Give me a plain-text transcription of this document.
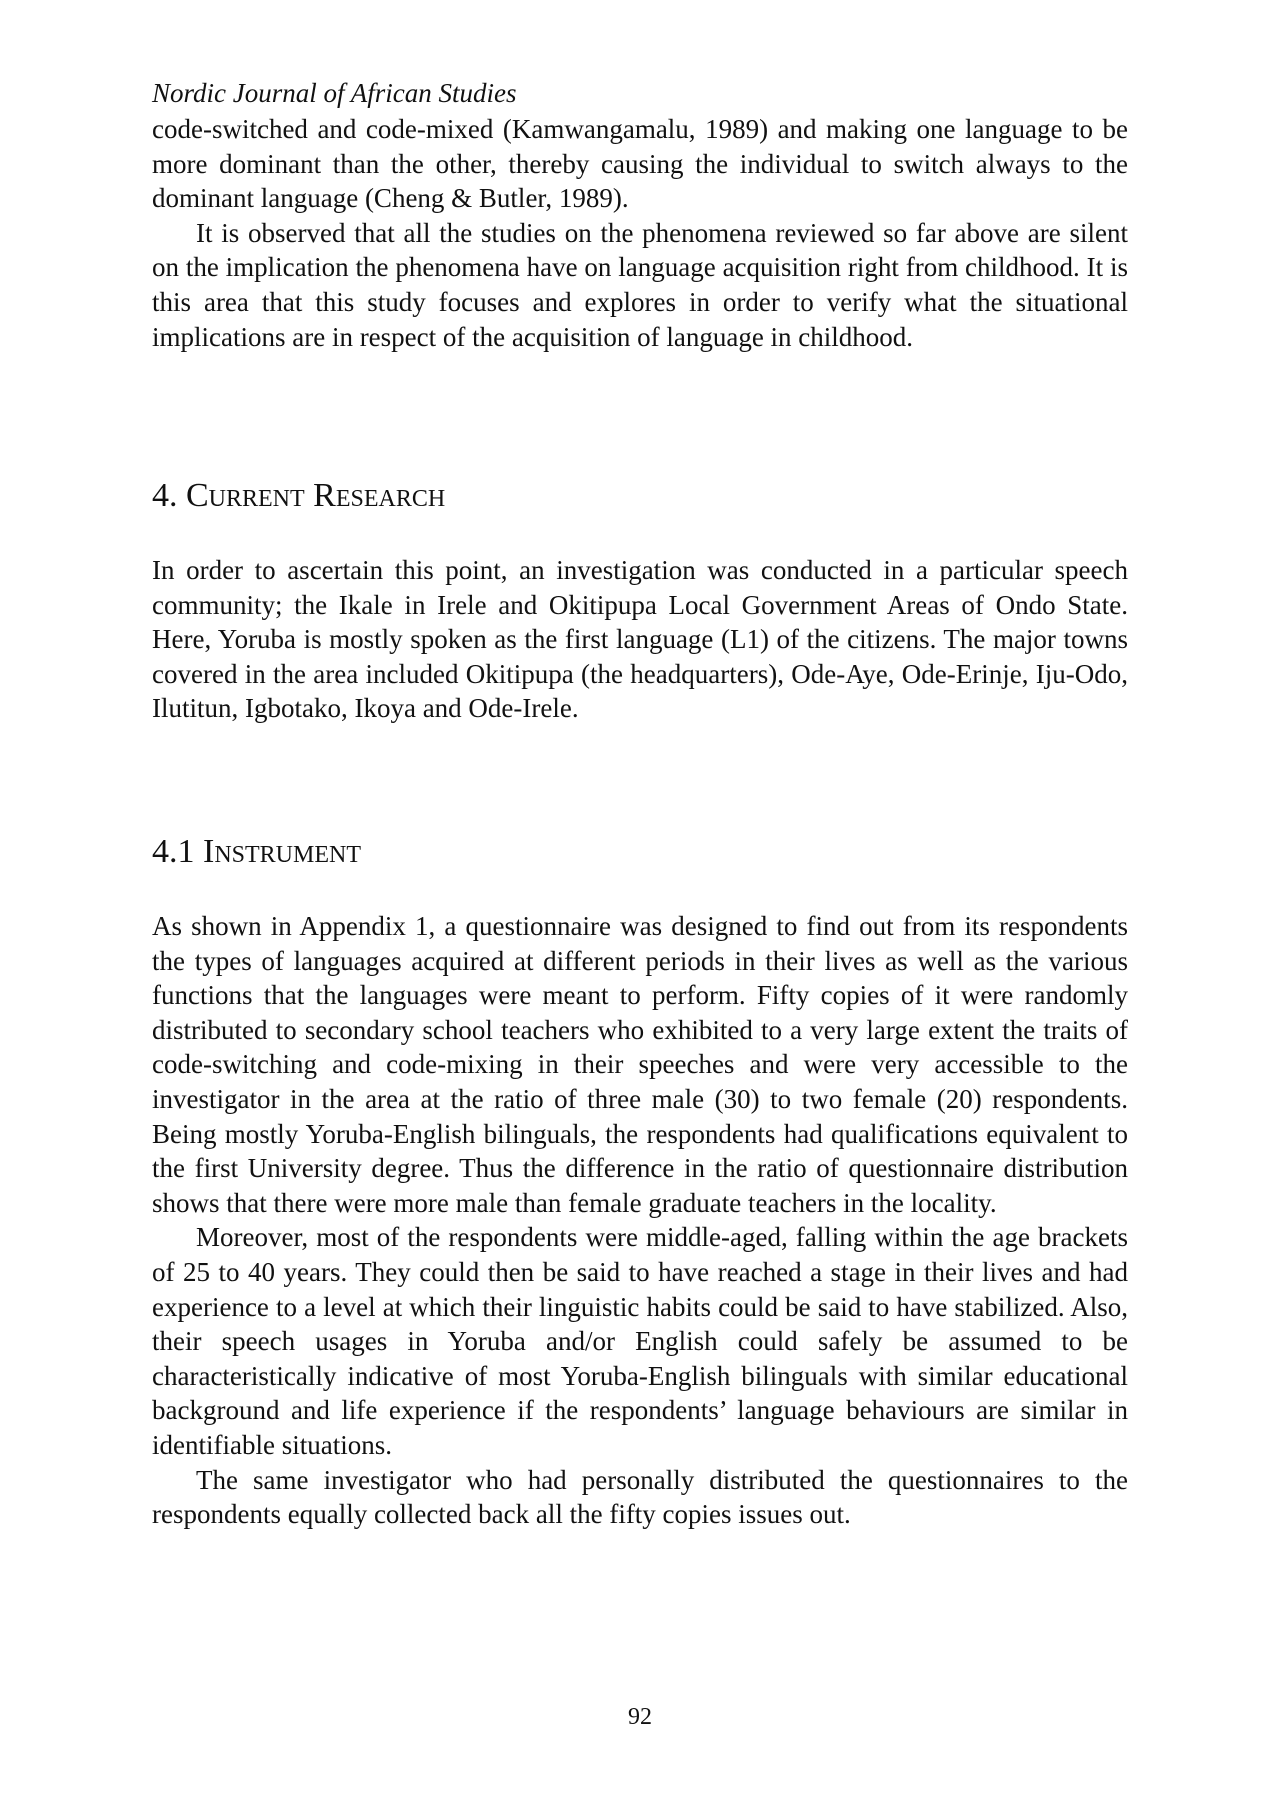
Nordic Journal of African Studies

code-switched and code-mixed (Kamwangamalu, 1989) and making one language to be more dominant than the other, thereby causing the individual to switch always to the dominant language (Cheng & Butler, 1989).

It is observed that all the studies on the phenomena reviewed so far above are silent on the implication the phenomena have on language acquisition right from childhood. It is this area that this study focuses and explores in order to verify what the situational implications are in respect of the acquisition of language in childhood.

4. Current Research

In order to ascertain this point, an investigation was conducted in a particular speech community; the Ikale in Irele and Okitipupa Local Government Areas of Ondo State. Here, Yoruba is mostly spoken as the first language (L1) of the citizens. The major towns covered in the area included Okitipupa (the headquarters), Ode-Aye, Ode-Erinje, Iju-Odo, Ilutitun, Igbotako, Ikoya and Ode-Irele.

4.1 Instrument

As shown in Appendix 1, a questionnaire was designed to find out from its respondents the types of languages acquired at different periods in their lives as well as the various functions that the languages were meant to perform. Fifty copies of it were randomly distributed to secondary school teachers who exhibited to a very large extent the traits of code-switching and code-mixing in their speeches and were very accessible to the investigator in the area at the ratio of three male (30) to two female (20) respondents. Being mostly Yoruba-English bilinguals, the respondents had qualifications equivalent to the first University degree. Thus the difference in the ratio of questionnaire distribution shows that there were more male than female graduate teachers in the locality.

Moreover, most of the respondents were middle-aged, falling within the age brackets of 25 to 40 years. They could then be said to have reached a stage in their lives and had experience to a level at which their linguistic habits could be said to have stabilized. Also, their speech usages in Yoruba and/or English could safely be assumed to be characteristically indicative of most Yoruba-English bilinguals with similar educational background and life experience if the respondents’ language behaviours are similar in identifiable situations.

The same investigator who had personally distributed the questionnaires to the respondents equally collected back all the fifty copies issues out.

92
